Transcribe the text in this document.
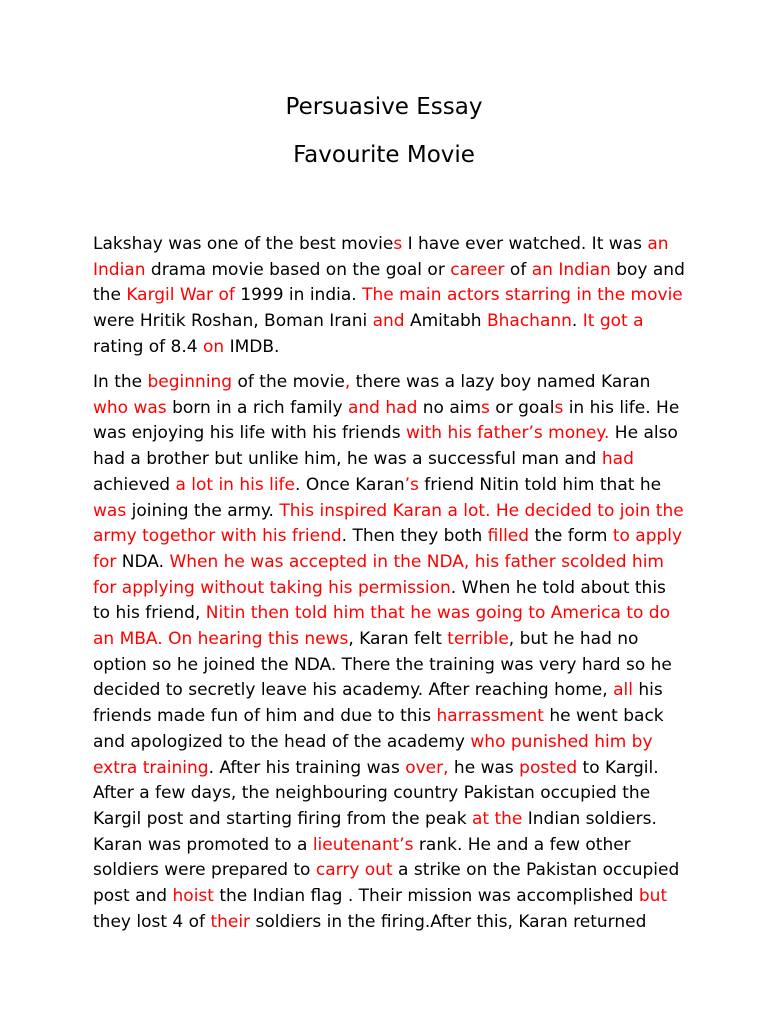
Persuasive Essay
Favourite Movie

Lakshay was one of the best movies I have ever watched. It was an
Indian drama movie based on the goal or career of an Indian boy and
the Kargil War of 1999 in india. The main actors starring in the movie
were Hritik Roshan, Boman Irani and Amitabh Bhachann. It got a
rating of 8.4 on IMDB.

In the beginning of the movie, there was a lazy boy named Karan
who was born in a rich family and had no aims or goals in his life. He
was enjoying his life with his friends with his father’s money. He also
had a brother but unlike him, he was a successful man and had
achieved a lot in his life. Once Karan’s friend Nitin told him that he
was joining the army. This inspired Karan a lot. He decided to join the
army togethor with his friend. Then they both filled the form to apply
for NDA. When he was accepted in the NDA, his father scolded him
for applying without taking his permission. When he told about this
to his friend, Nitin then told him that he was going to America to do
an MBA. On hearing this news, Karan felt terrible, but he had no
option so he joined the NDA. There the training was very hard so he
decided to secretly leave his academy. After reaching home, all his
friends made fun of him and due to this harrassment he went back
and apologized to the head of the academy who punished him by
extra training. After his training was over, he was posted to Kargil.
After a few days, the neighbouring country Pakistan occupied the
Kargil post and starting firing from the peak at the Indian soldiers.
Karan was promoted to a lieutenant’s rank. He and a few other
soldiers were prepared to carry out a strike on the Pakistan occupied
post and hoist the Indian flag . Their mission was accomplished but
they lost 4 of their soldiers in the firing.After this, Karan returned
